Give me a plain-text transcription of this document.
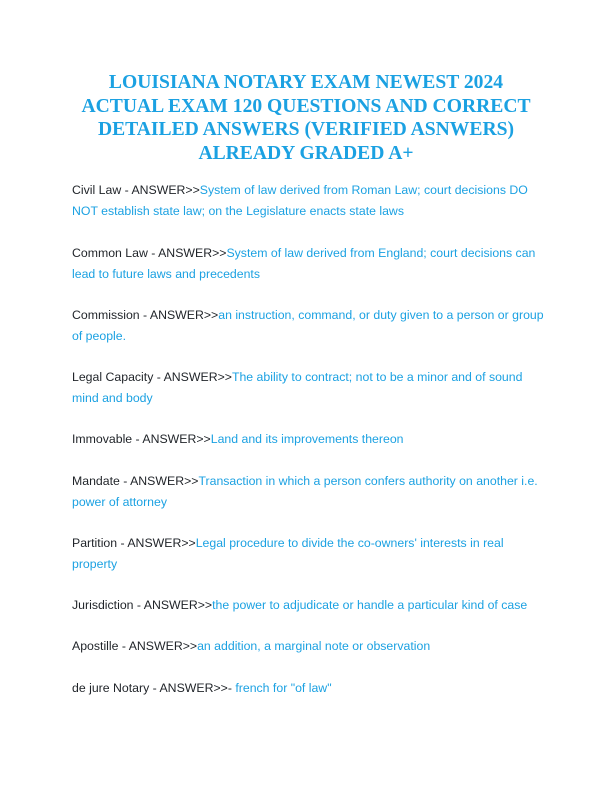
LOUISIANA NOTARY EXAM NEWEST 2024
ACTUAL EXAM 120 QUESTIONS AND CORRECT
DETAILED ANSWERS (VERIFIED ASNWERS)
ALREADY GRADED A+
Civil Law - ANSWER>>System of law derived from Roman Law; court decisions DO
NOT establish state law; on the Legislature enacts state laws
Common Law - ANSWER>>System of law derived from England; court decisions can
lead to future laws and precedents
Commission - ANSWER>>an instruction, command, or duty given to a person or group
of people.
Legal Capacity - ANSWER>>The ability to contract; not to be a minor and of sound
mind and body
Immovable - ANSWER>>Land and its improvements thereon
Mandate - ANSWER>>Transaction in which a person confers authority on another i.e.
power of attorney
Partition - ANSWER>>Legal procedure to divide the co-owners' interests in real
property
Jurisdiction - ANSWER>>the power to adjudicate or handle a particular kind of case
Apostille - ANSWER>>an addition, a marginal note or observation
de jure Notary - ANSWER>>- french for "of law"
